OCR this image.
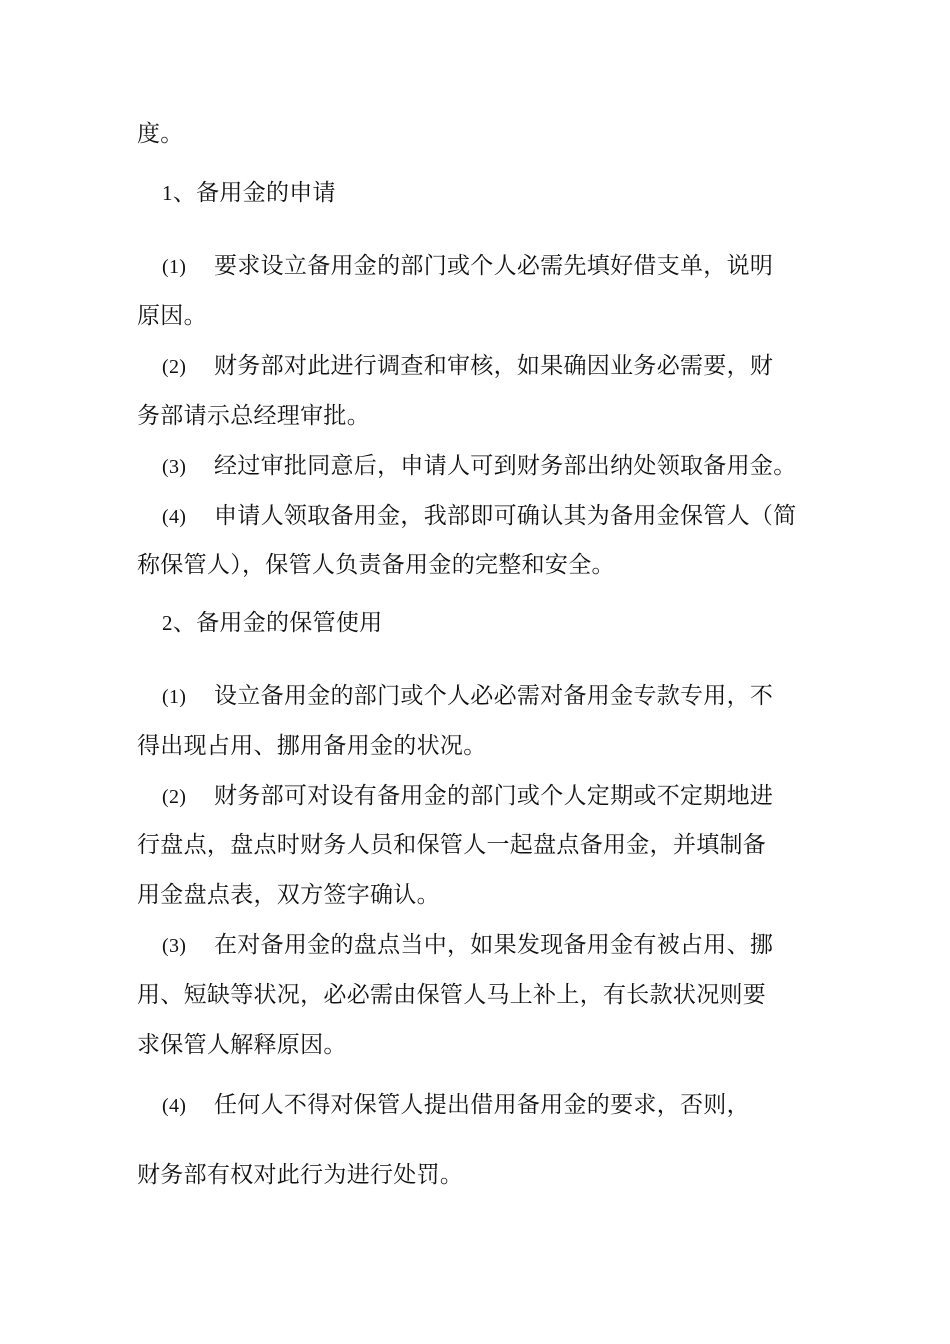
度。
1、备用金的申请
(1) 要求设立备用金的部门或个人必需先填好借支单，说明
原因。
(2) 财务部对此进行调查和审核，如果确因业务必需要，财
务部请示总经理审批。
(3) 经过审批同意后，申请人可到财务部出纳处领取备用金。
(4) 申请人领取备用金，我部即可确认其为备用金保管人（简
称保管人），保管人负责备用金的完整和安全。
2、备用金的保管使用
(1) 设立备用金的部门或个人必必需对备用金专款专用，不
得出现占用、挪用备用金的状况。
(2) 财务部可对设有备用金的部门或个人定期或不定期地进
行盘点，盘点时财务人员和保管人一起盘点备用金，并填制备
用金盘点表，双方签字确认。
(3) 在对备用金的盘点当中，如果发现备用金有被占用、挪
用、短缺等状况，必必需由保管人马上补上，有长款状况则要
求保管人解释原因。
(4) 任何人不得对保管人提出借用备用金的要求，否则，
财务部有权对此行为进行处罚。
